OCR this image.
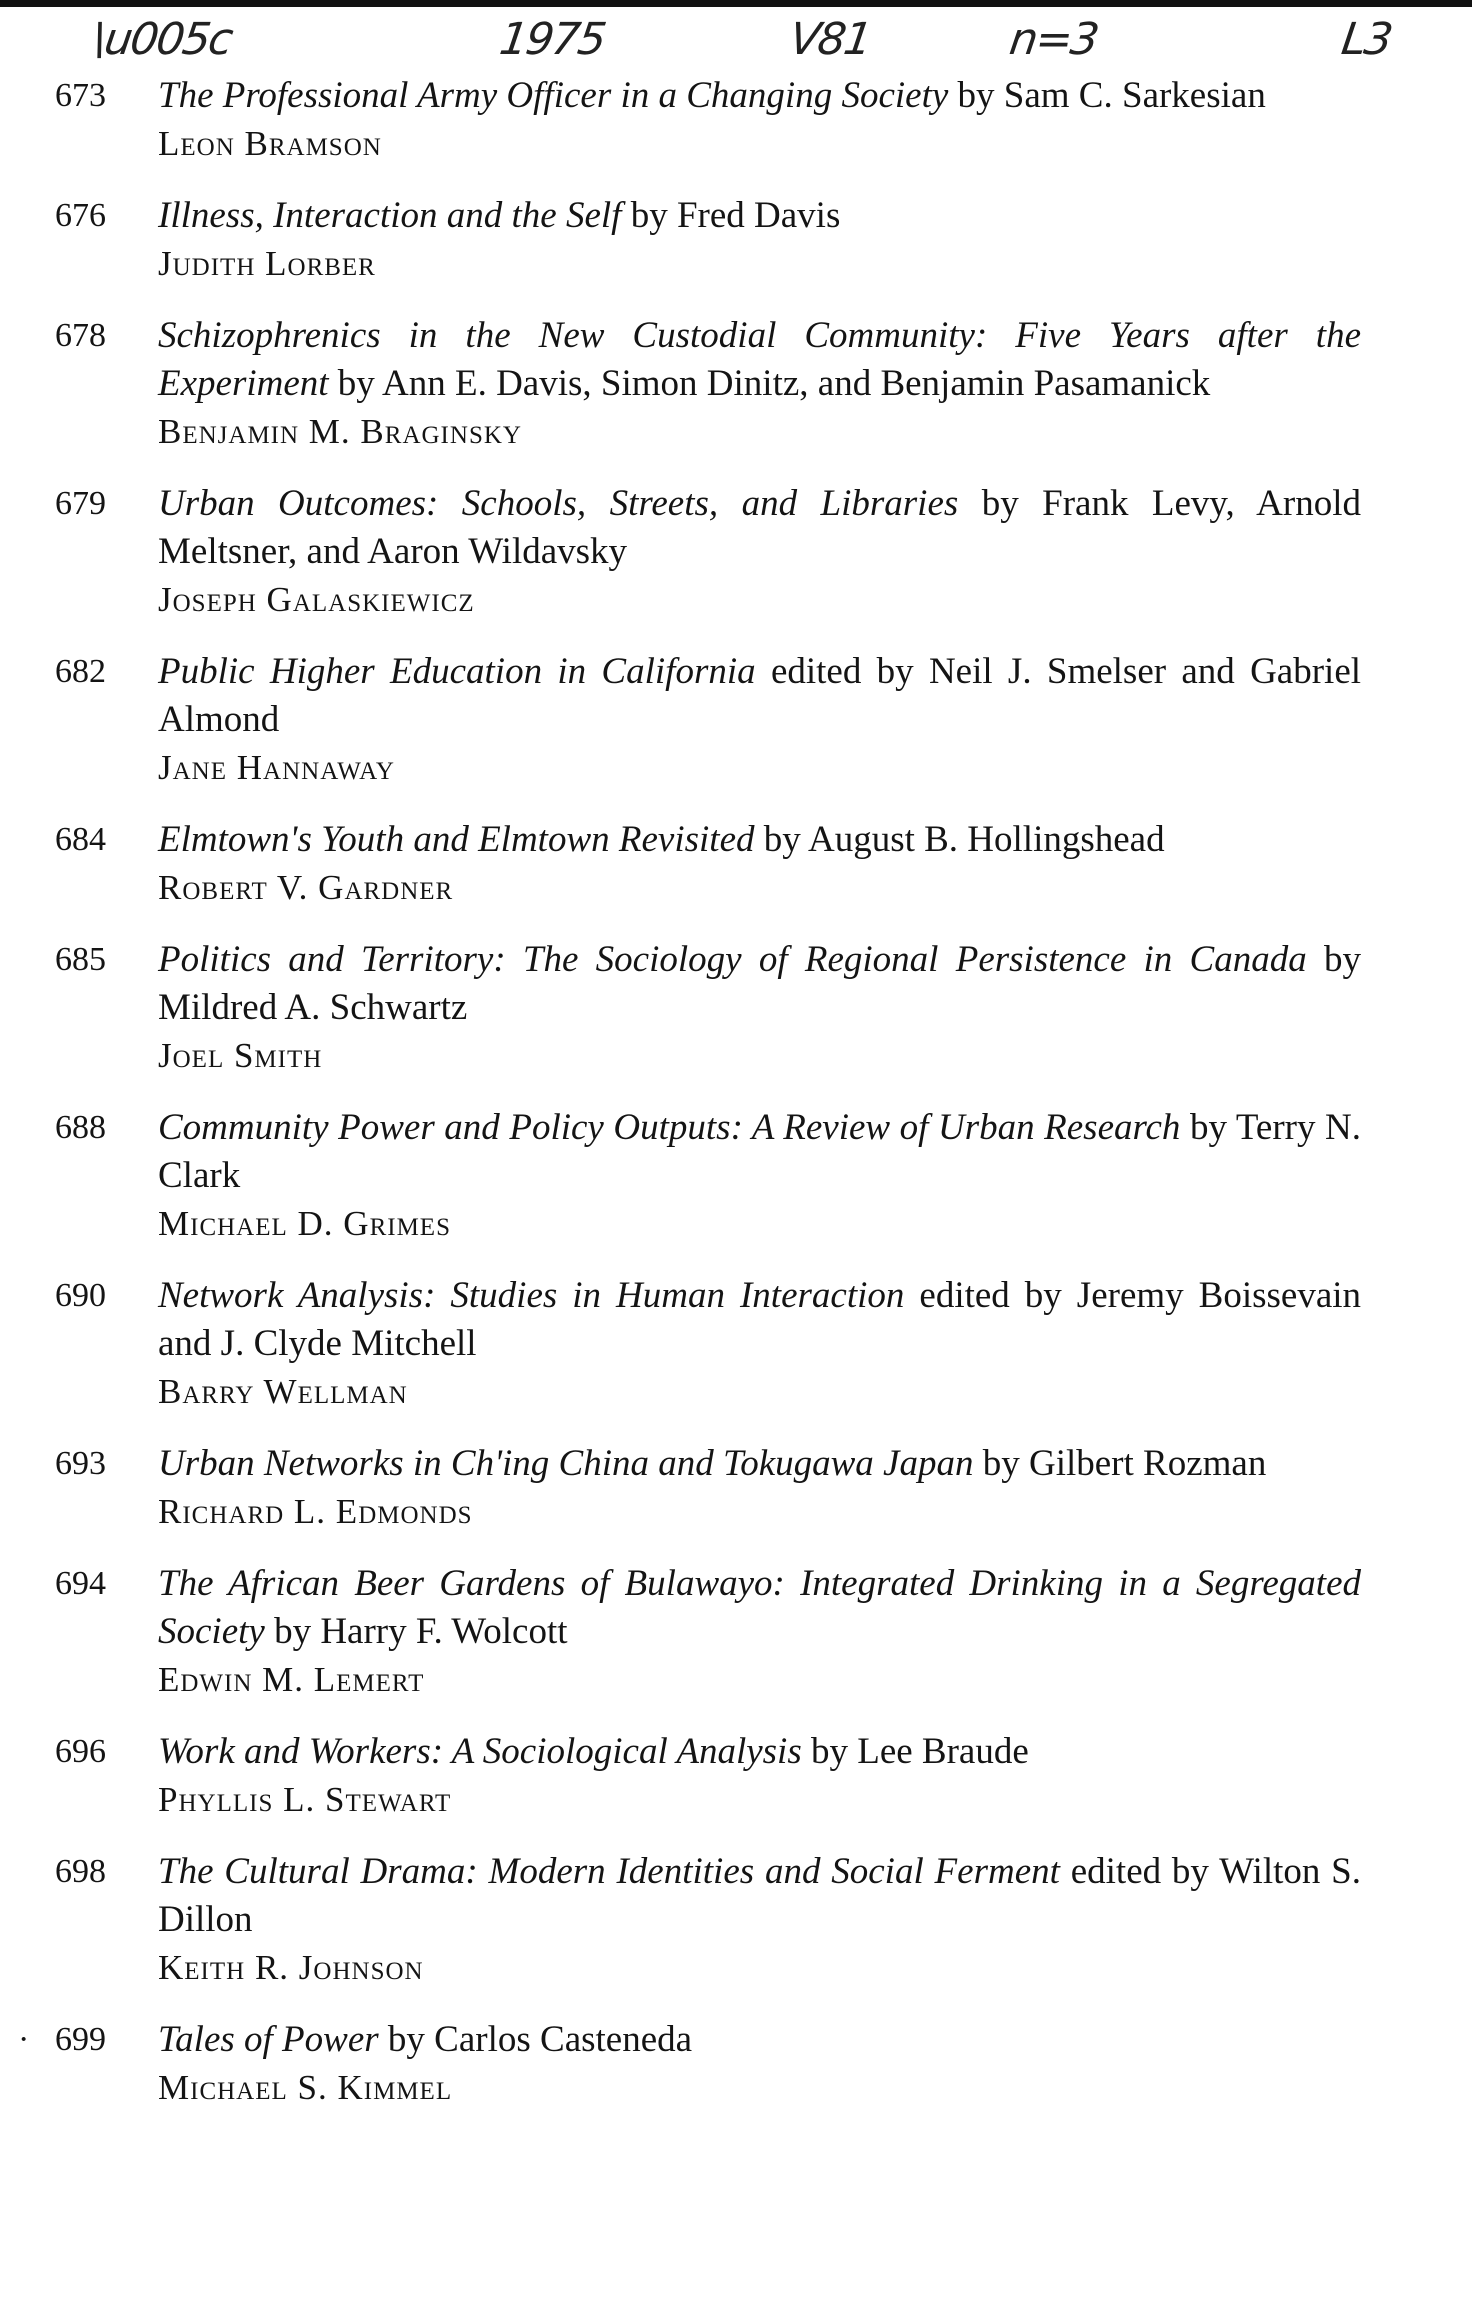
\u005c	1975	V81	n=3	L3
673	The Professional Army Officer in a Changing Society by Sam C. Sarkesian
Leon Bramson
676	Illness, Interaction and the Self by Fred Davis
Judith Lorber
678	Schizophrenics in the New Custodial Community: Five Years after the Experiment by Ann E. Davis, Simon Dinitz, and Benjamin Pasamanick
Benjamin M. Braginsky
679	Urban Outcomes: Schools, Streets, and Libraries by Frank Levy, Arnold Meltsner, and Aaron Wildavsky
Joseph Galaskiewicz
682	Public Higher Education in California edited by Neil J. Smelser and Gabriel Almond
Jane Hannaway
684	Elmtown's Youth and Elmtown Revisited by August B. Hollingshead
Robert V. Gardner
685	Politics and Territory: The Sociology of Regional Persistence in Canada by Mildred A. Schwartz
Joel Smith
688	Community Power and Policy Outputs: A Review of Urban Research by Terry N. Clark
Michael D. Grimes
690	Network Analysis: Studies in Human Interaction edited by Jeremy Boissevain and J. Clyde Mitchell
Barry Wellman
693	Urban Networks in Ch'ing China and Tokugawa Japan by Gilbert Rozman
Richard L. Edmonds
694	The African Beer Gardens of Bulawayo: Integrated Drinking in a Segregated Society by Harry F. Wolcott
Edwin M. Lemert
696	Work and Workers: A Sociological Analysis by Lee Braude
Phyllis L. Stewart
698	The Cultural Drama: Modern Identities and Social Ferment edited by Wilton S. Dillon
Keith R. Johnson
· 699	Tales of Power by Carlos Casteneda
Michael S. Kimmel
